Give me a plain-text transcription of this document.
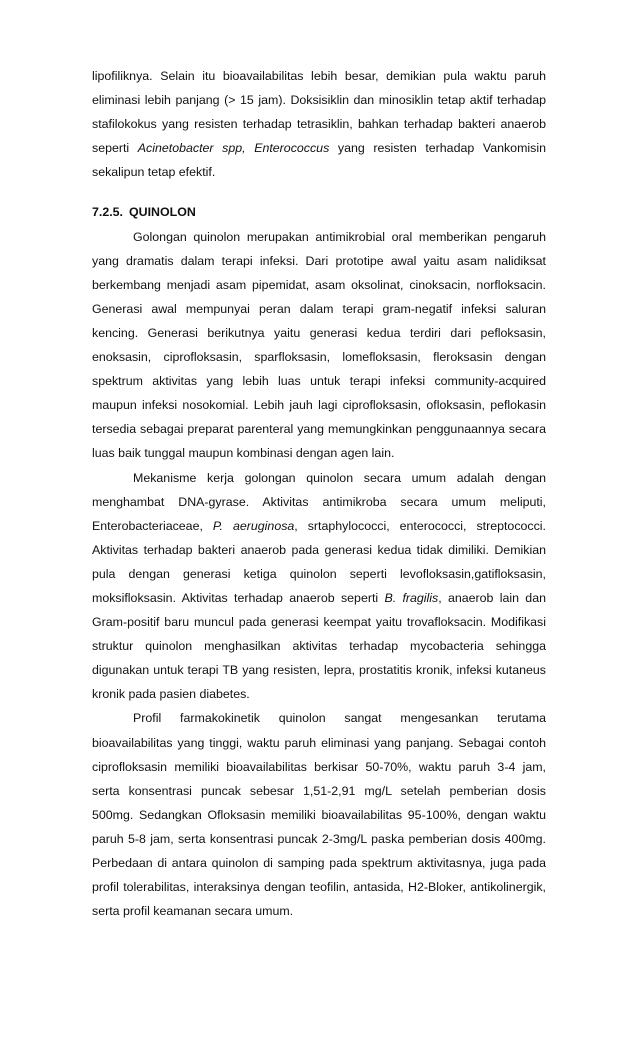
lipofiliknya. Selain itu bioavailabilitas lebih besar, demikian pula waktu paruh eliminasi lebih panjang (> 15 jam). Doksisiklin dan minosiklin tetap aktif terhadap stafilokokus yang resisten terhadap tetrasiklin, bahkan terhadap bakteri anaerob seperti Acinetobacter spp, Enterococcus yang resisten terhadap Vankomisin sekalipun tetap efektif.

7.2.5. QUINOLON

Golongan quinolon merupakan antimikrobial oral memberikan pengaruh yang dramatis dalam terapi infeksi. Dari prototipe awal yaitu asam nalidiksat berkembang menjadi asam pipemidat, asam oksolinat, cinoksacin, norfloksacin. Generasi awal mempunyai peran dalam terapi gram-negatif infeksi saluran kencing. Generasi berikutnya yaitu generasi kedua terdiri dari pefloksasin, enoksasin, ciprofloksasin, sparfloksasin, lomefloksasin, fleroksasin dengan spektrum aktivitas yang lebih luas untuk terapi infeksi community-acquired maupun infeksi nosokomial. Lebih jauh lagi ciprofloksasin, ofloksasin, peflokasin tersedia sebagai preparat parenteral yang memungkinkan penggunaannya secara luas baik tunggal maupun kombinasi dengan agen lain.

Mekanisme kerja golongan quinolon secara umum adalah dengan menghambat DNA-gyrase. Aktivitas antimikroba secara umum meliputi, Enterobacteriaceae, P. aeruginosa, srtaphylococci, enterococci, streptococci. Aktivitas terhadap bakteri anaerob pada generasi kedua tidak dimiliki. Demikian pula dengan generasi ketiga quinolon seperti levofloksasin,gatifloksasin, moksifloksasin. Aktivitas terhadap anaerob seperti B. fragilis, anaerob lain dan Gram-positif baru muncul pada generasi keempat yaitu trovafloksacin. Modifikasi struktur quinolon menghasilkan aktivitas terhadap mycobacteria sehingga digunakan untuk terapi TB yang resisten, lepra, prostatitis kronik, infeksi kutaneus kronik pada pasien diabetes.

Profil farmakokinetik quinolon sangat mengesankan terutama bioavailabilitas yang tinggi, waktu paruh eliminasi yang panjang. Sebagai contoh ciprofloksasin memiliki bioavailabilitas berkisar 50-70%, waktu paruh 3-4 jam, serta konsentrasi puncak sebesar 1,51-2,91 mg/L setelah pemberian dosis 500mg. Sedangkan Ofloksasin memiliki bioavailabilitas 95-100%, dengan waktu paruh 5-8 jam, serta konsentrasi puncak 2-3mg/L paska pemberian dosis 400mg. Perbedaan di antara quinolon di samping pada spektrum aktivitasnya, juga pada profil tolerabilitas, interaksinya dengan teofilin, antasida, H2-Bloker, antikolinergik, serta profil keamanan secara umum.
